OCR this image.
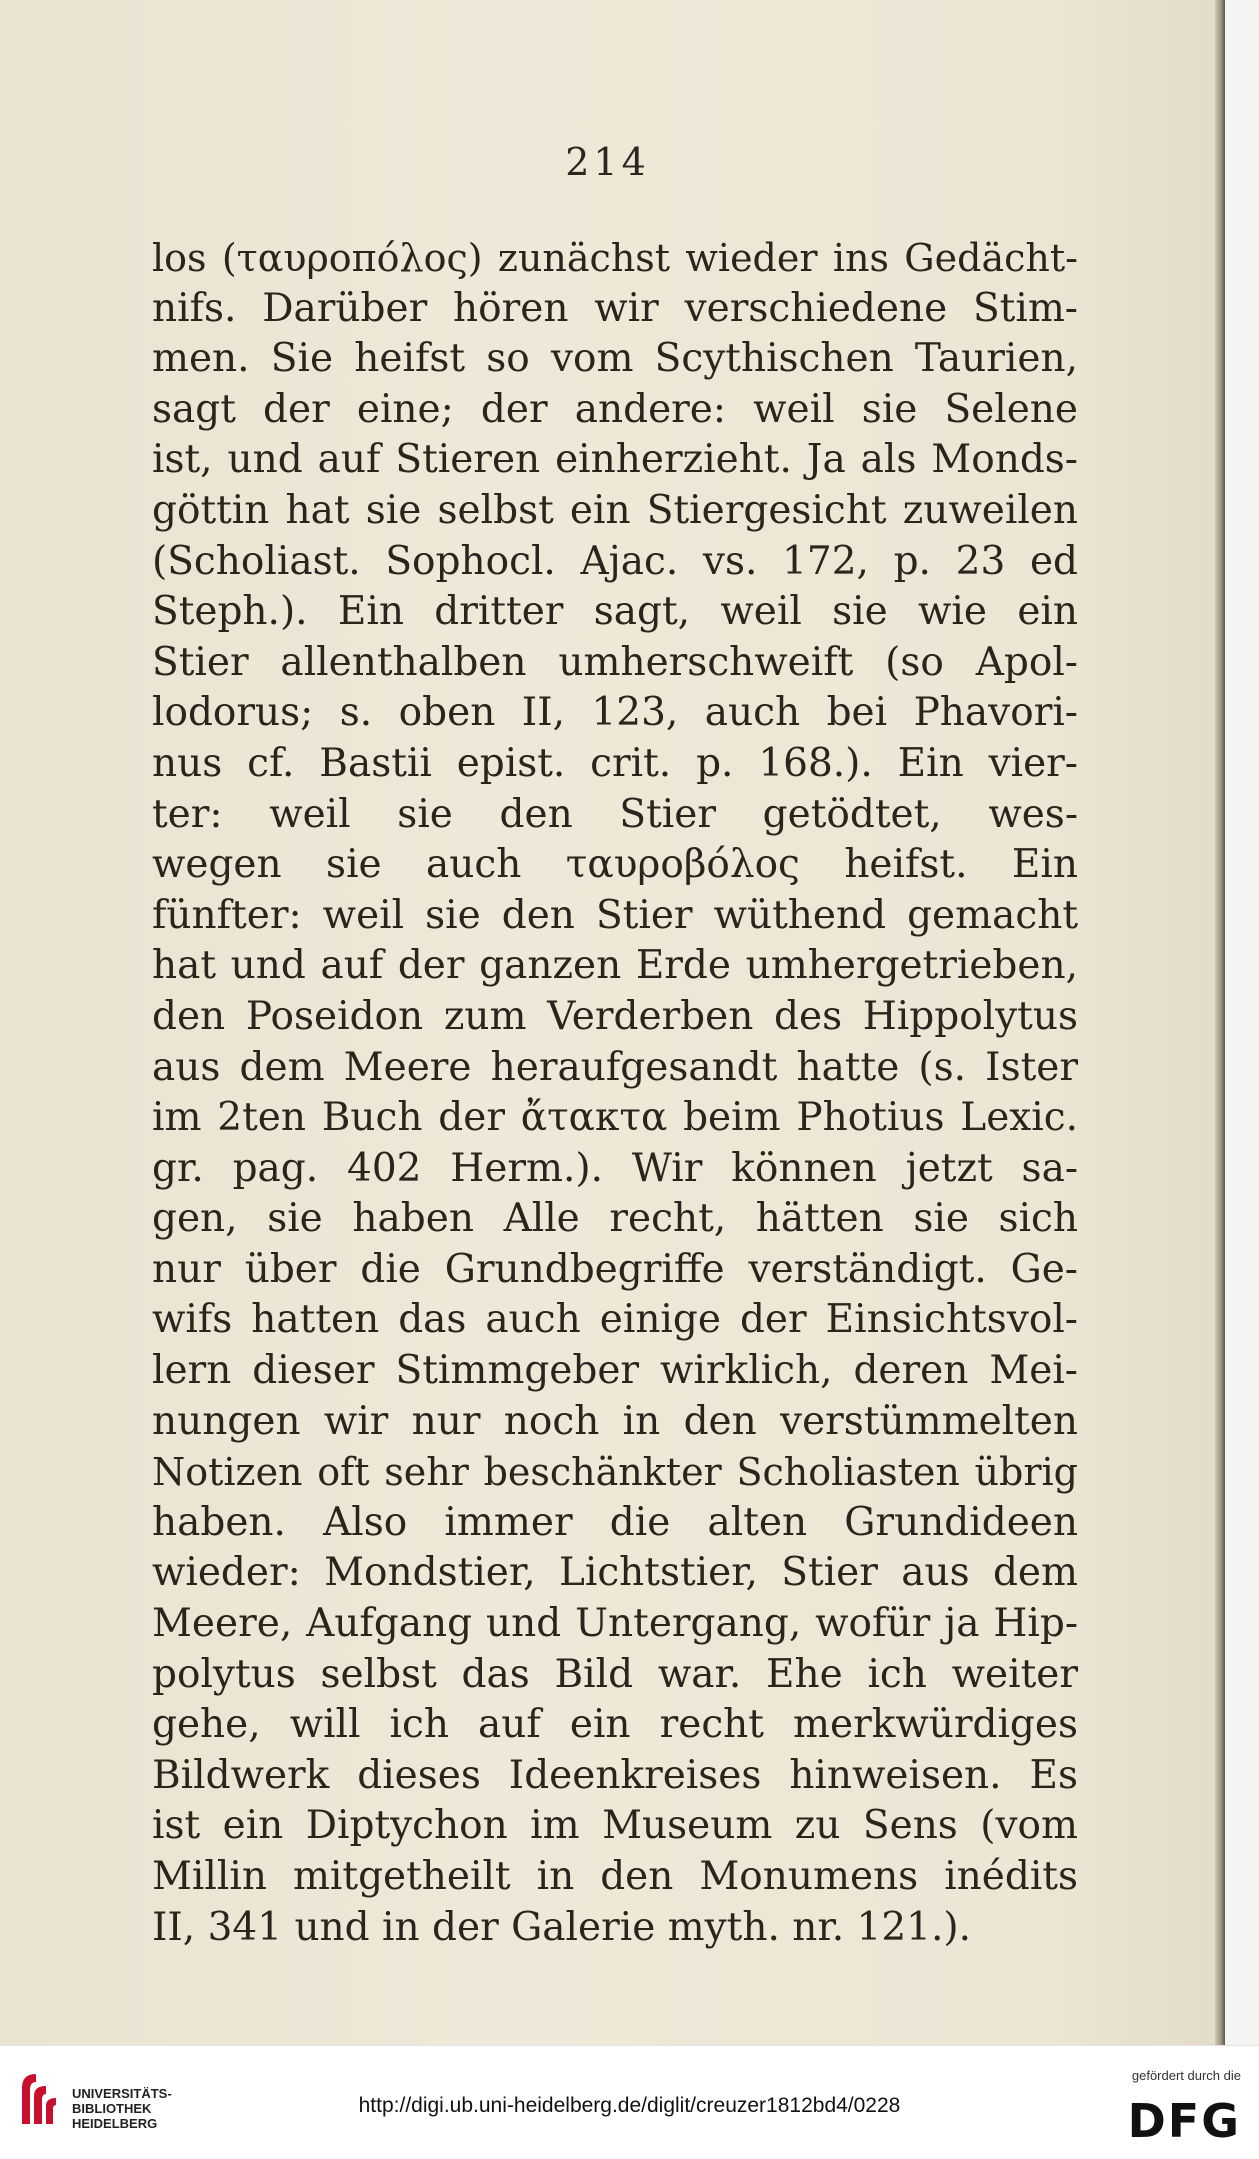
214
los (ταυροπόλος) zunächst wieder ins Gedächt-
nifs. Darüber hören wir verschiedene Stim-
men. Sie heifst so vom Scythischen Taurien,
sagt der eine; der andere: weil sie Selene
ist, und auf Stieren einherzieht. Ja als Monds-
göttin hat sie selbst ein Stiergesicht zuweilen
(Scholiast. Sophocl. Ajac. vs. 172, p. 23 ed
Steph.). Ein dritter sagt, weil sie wie ein
Stier allenthalben umherschweift (so Apol-
lodorus; s. oben II, 123, auch bei Phavori-
nus cf. Bastii epist. crit. p. 168.). Ein vier-
ter: weil sie den Stier getödtet, wes-
wegen sie auch ταυροβόλος heifst. Ein
fünfter: weil sie den Stier wüthend gemacht
hat und auf der ganzen Erde umhergetrieben,
den Poseidon zum Verderben des Hippolytus
aus dem Meere heraufgesandt hatte (s. Ister
im 2ten Buch der ἄτακτα beim Photius Lexic.
gr. pag. 402 Herm.). Wir können jetzt sa-
gen, sie haben Alle recht, hätten sie sich
nur über die Grundbegriffe verständigt. Ge-
wifs hatten das auch einige der Einsichtsvol-
lern dieser Stimmgeber wirklich, deren Mei-
nungen wir nur noch in den verstümmelten
Notizen oft sehr beschänkter Scholiasten übrig
haben. Also immer die alten Grundideen
wieder: Mondstier, Lichtstier, Stier aus dem
Meere, Aufgang und Untergang, wofür ja Hip-
polytus selbst das Bild war. Ehe ich weiter
gehe, will ich auf ein recht merkwürdiges
Bildwerk dieses Ideenkreises hinweisen. Es
ist ein Diptychon im Museum zu Sens (vom
Millin mitgetheilt in den Monumens inédits
II, 341 und in der Galerie myth. nr. 121.).
UNIVERSITÄTS-
BIBLIOTHEK
HEIDELBERG
http://digi.ub.uni-heidelberg.de/diglit/creuzer1812bd4/0228
gefördert durch die
DFG
